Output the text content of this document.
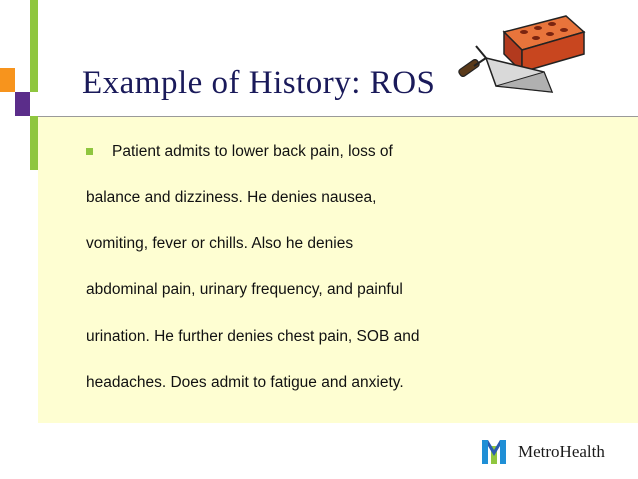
Example of History: ROS
Patient admits to lower back pain, loss of
balance and dizziness. He denies nausea,
vomiting, fever or chills. Also he denies
abdominal pain, urinary frequency, and painful
urination. He further denies chest pain, SOB and
headaches. Does admit to fatigue and anxiety.
MetroHealth
